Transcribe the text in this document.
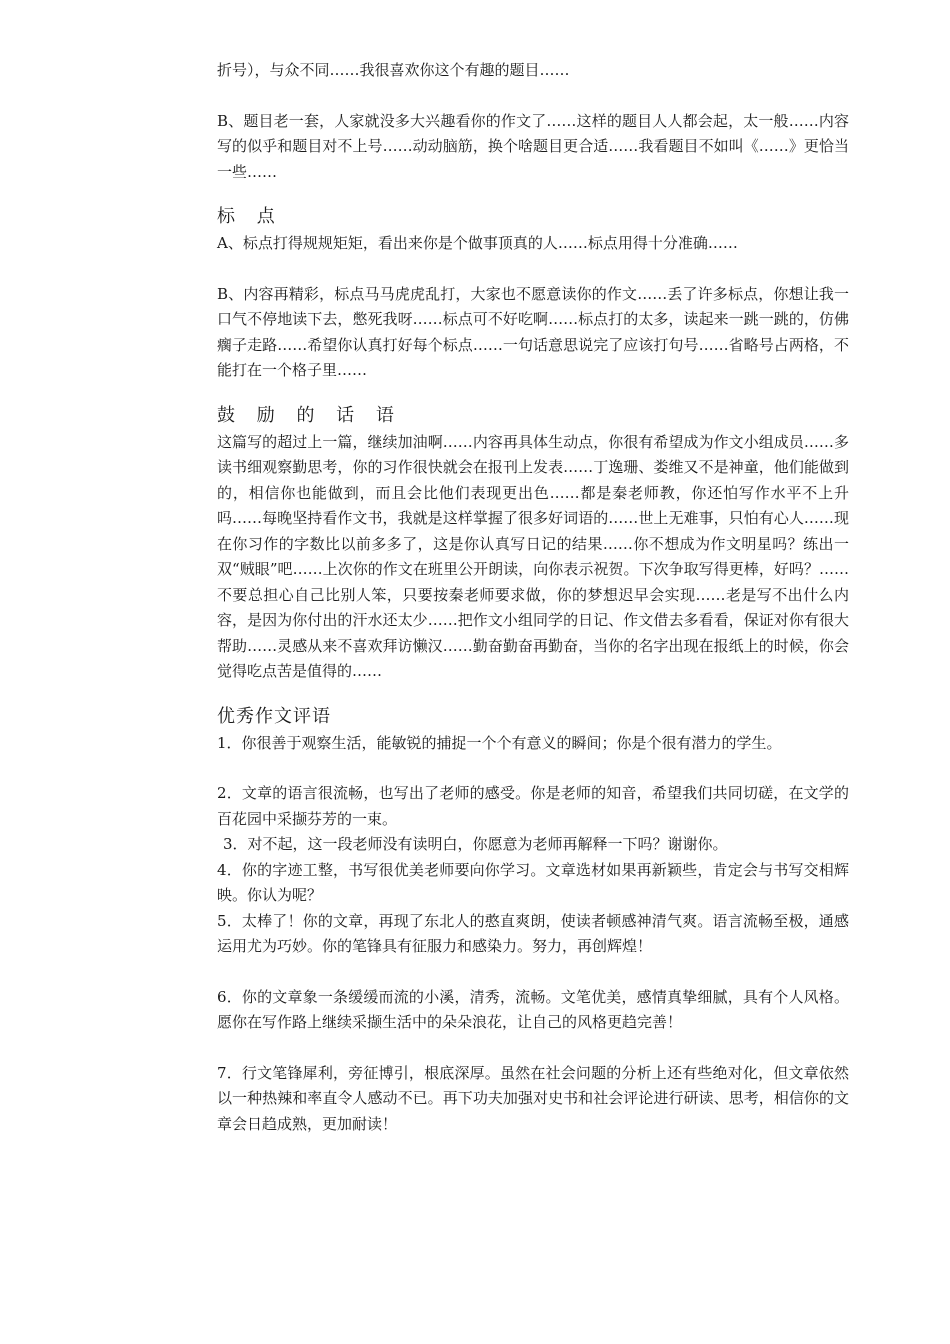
折号），与众不同……我很喜欢你这个有趣的题目……

B、题目老一套，人家就没多大兴趣看你的作文了……这样的题目人人都会起，太一般……内容写的似乎和题目对不上号……动动脑筋，换个啥题目更合适……我看题目不如叫《……》更恰当一些……

标 点

A、标点打得规规矩矩，看出来你是个做事顶真的人……标点用得十分准确……

B、内容再精彩，标点马马虎虎乱打，大家也不愿意读你的作文……丢了许多标点，你想让我一口气不停地读下去，憋死我呀……标点可不好吃啊……标点打的太多，读起来一跳一跳的，仿佛瘸子走路……希望你认真打好每个标点……一句话意思说完了应该打句号……省略号占两格，不能打在一个格子里……

鼓 励 的 话 语

这篇写的超过上一篇，继续加油啊……内容再具体生动点，你很有希望成为作文小组成员……多读书细观察勤思考，你的习作很快就会在报刊上发表……丁逸珊、娄维又不是神童，他们能做到的，相信你也能做到，而且会比他们表现更出色……都是秦老师教，你还怕写作水平不上升吗……每晚坚持看作文书，我就是这样掌握了很多好词语的……世上无难事，只怕有心人……现在你习作的字数比以前多多了，这是你认真写日记的结果……你不想成为作文明星吗？练出一双“贼眼”吧……上次你的作文在班里公开朗读，向你表示祝贺。下次争取写得更棒，好吗？……不要总担心自己比别人笨，只要按秦老师要求做，你的梦想迟早会实现……老是写不出什么内容，是因为你付出的汗水还太少……把作文小组同学的日记、作文借去多看看，保证对你有很大帮助……灵感从来不喜欢拜访懒汉……勤奋勤奋再勤奋，当你的名字出现在报纸上的时候，你会觉得吃点苦是值得的……

优秀作文评语

1．你很善于观察生活，能敏锐的捕捉一个个有意义的瞬间；你是个很有潜力的学生。

2．文章的语言很流畅，也写出了老师的感受。你是老师的知音，希望我们共同切磋，在文学的百花园中采撷芬芳的一束。

3．对不起，这一段老师没有读明白，你愿意为老师再解释一下吗？谢谢你。

4．你的字迹工整，书写很优美老师要向你学习。文章选材如果再新颖些，肯定会与书写交相辉映。你认为呢？

5．太棒了！你的文章，再现了东北人的憨直爽朗，使读者顿感神清气爽。语言流畅至极，通感运用尤为巧妙。你的笔锋具有征服力和感染力。努力，再创辉煌！

6．你的文章象一条缓缓而流的小溪，清秀，流畅。文笔优美，感情真挚细腻，具有个人风格。愿你在写作路上继续采撷生活中的朵朵浪花，让自己的风格更趋完善！

7．行文笔锋犀利，旁征博引，根底深厚。虽然在社会问题的分析上还有些绝对化，但文章依然以一种热辣和率直令人感动不已。再下功夫加强对史书和社会评论进行研读、思考，相信你的文章会日趋成熟，更加耐读！
